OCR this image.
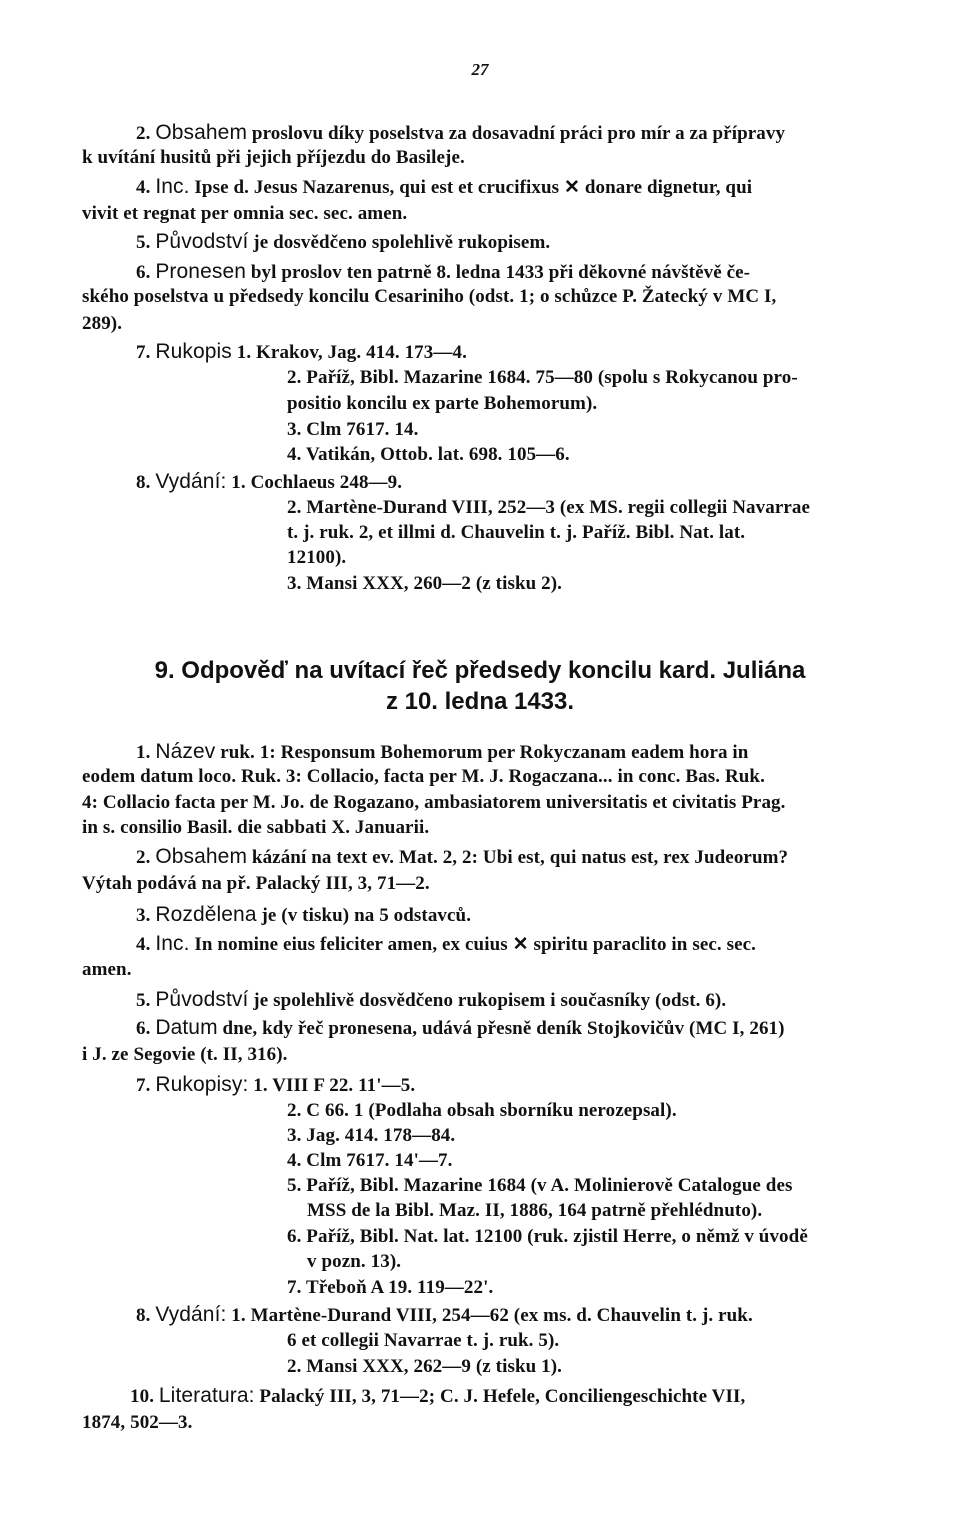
27
2. Obsahem proslovu díky poselstva za dosavadní práci pro mír a za přípravy
k uvítání husitů při jejich příjezdu do Basileje.
4. Inc. Ipse d. Jesus Nazarenus, qui est et crucifixus ✕ donare dignetur, qui
vivit et regnat per omnia sec. sec. amen.
5. Původství je dosvědčeno spolehlivě rukopisem.
6. Pronesen byl proslov ten patrně 8. ledna 1433 při děkovné návštěvě če-
ského poselstva u předsedy koncilu Cesariniho (odst. 1; o schůzce P. Žatecký v MC I,
289).
7. Rukopis 1. Krakov, Jag. 414. 173—4.
2. Paříž, Bibl. Mazarine 1684. 75—80 (spolu s Rokycanou pro-
positio koncilu ex parte Bohemorum).
3. Clm 7617. 14.
4. Vatikán, Ottob. lat. 698. 105—6.
8. Vydání: 1. Cochlaeus 248—9.
2. Martène-Durand VIII, 252—3 (ex MS. regii collegii Navarrae
t. j. ruk. 2, et illmi d. Chauvelin t. j. Paříž. Bibl. Nat. lat.
12100).
3. Mansi XXX, 260—2 (z tisku 2).
9. Odpověď na uvítací řeč předsedy koncilu kard. Juliána
z 10. ledna 1433.
1. Název ruk. 1: Responsum Bohemorum per Rokyczanam eadem hora in
eodem datum loco. Ruk. 3: Collacio, facta per M. J. Rogaczana... in conc. Bas. Ruk.
4: Collacio facta per M. Jo. de Rogazano, ambasiatorem universitatis et civitatis Prag.
in s. consilio Basil. die sabbati X. Januarii.
2. Obsahem kázání na text ev. Mat. 2, 2: Ubi est, qui natus est, rex Judeorum?
Výtah podává na př. Palacký III, 3, 71—2.
3. Rozdělena je (v tisku) na 5 odstavců.
4. Inc. In nomine eius feliciter amen, ex cuius ✕ spiritu paraclito in sec. sec.
amen.
5. Původství je spolehlivě dosvědčeno rukopisem i současníky (odst. 6).
6. Datum dne, kdy řeč pronesena, udává přesně deník Stojkovičův (MC I, 261)
i J. ze Segovie (t. II, 316).
7. Rukopisy: 1. VIII F 22. 11'—5.
2. C 66. 1 (Podlaha obsah sborníku nerozepsal).
3. Jag. 414. 178—84.
4. Clm 7617. 14'—7.
5. Paříž, Bibl. Mazarine 1684 (v A. Molinierově Catalogue des
MSS de la Bibl. Maz. II, 1886, 164 patrně přehlédnuto).
6. Paříž, Bibl. Nat. lat. 12100 (ruk. zjistil Herre, o němž v úvodě
v pozn. 13).
7. Třeboň A 19. 119—22'.
8. Vydání: 1. Martène-Durand VIII, 254—62 (ex ms. d. Chauvelin t. j. ruk.
6 et collegii Navarrae t. j. ruk. 5).
2. Mansi XXX, 262—9 (z tisku 1).
10. Literatura: Palacký III, 3, 71—2; C. J. Hefele, Conciliengeschichte VII,
1874, 502—3.
